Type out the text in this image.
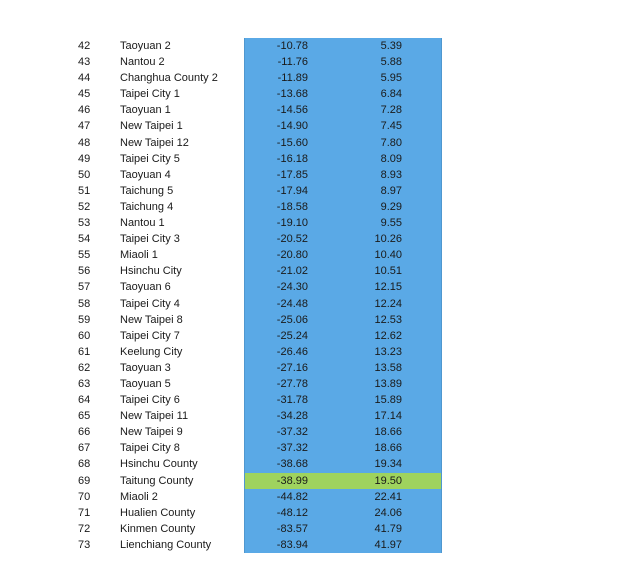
42	Taoyuan 2	-10.78	5.39
43	Nantou 2	-11.76	5.88
44	Changhua County 2	-11.89	5.95
45	Taipei City 1	-13.68	6.84
46	Taoyuan 1	-14.56	7.28
47	New Taipei 1	-14.90	7.45
48	New Taipei 12	-15.60	7.80
49	Taipei City 5	-16.18	8.09
50	Taoyuan 4	-17.85	8.93
51	Taichung 5	-17.94	8.97
52	Taichung 4	-18.58	9.29
53	Nantou 1	-19.10	9.55
54	Taipei City 3	-20.52	10.26
55	Miaoli 1	-20.80	10.40
56	Hsinchu City	-21.02	10.51
57	Taoyuan 6	-24.30	12.15
58	Taipei City 4	-24.48	12.24
59	New Taipei 8	-25.06	12.53
60	Taipei City 7	-25.24	12.62
61	Keelung City	-26.46	13.23
62	Taoyuan 3	-27.16	13.58
63	Taoyuan 5	-27.78	13.89
64	Taipei City 6	-31.78	15.89
65	New Taipei 11	-34.28	17.14
66	New Taipei 9	-37.32	18.66
67	Taipei City 8	-37.32	18.66
68	Hsinchu County	-38.68	19.34
69	Taitung County	-38.99	19.50
70	Miaoli 2	-44.82	22.41
71	Hualien County	-48.12	24.06
72	Kinmen County	-83.57	41.79
73	Lienchiang County	-83.94	41.97
